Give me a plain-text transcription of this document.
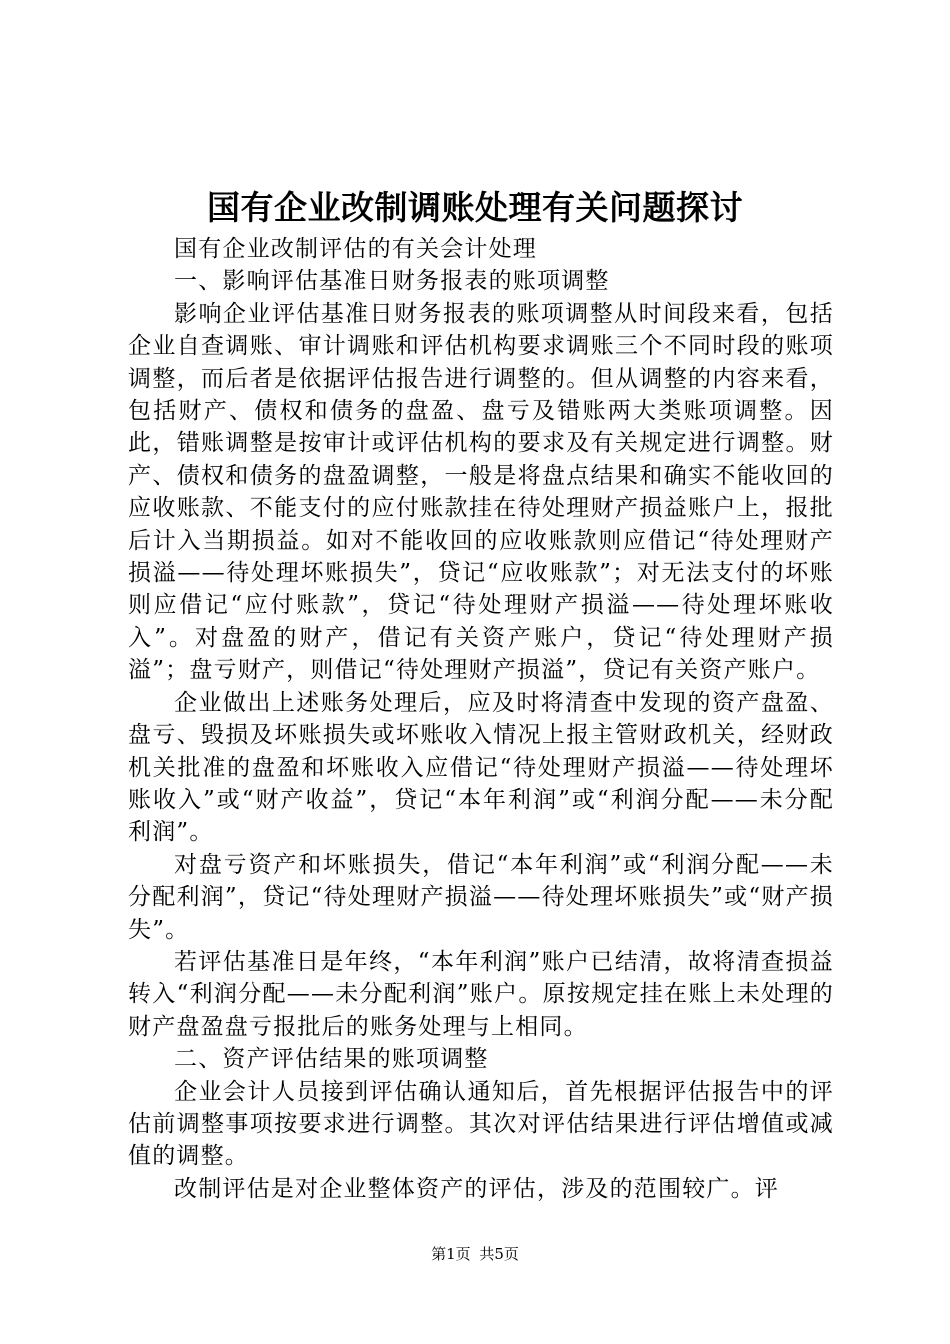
国有企业改制调账处理有关问题探讨

国有企业改制评估的有关会计处理

一、影响评估基准日财务报表的账项调整

影响企业评估基准日财务报表的账项调整从时间段来看，包括企业自查调账、审计调账和评估机构要求调账三个不同时段的账项调整，而后者是依据评估报告进行调整的。但从调整的内容来看，包括财产、债权和债务的盘盈、盘亏及错账两大类账项调整。因此，错账调整是按审计或评估机构的要求及有关规定进行调整。财产、债权和债务的盘盈调整，一般是将盘点结果和确实不能收回的应收账款、不能支付的应付账款挂在待处理财产损益账户上，报批后计入当期损益。如对不能收回的应收账款则应借记“待处理财产损溢——待处理坏账损失”，贷记“应收账款”；对无法支付的坏账则应借记“应付账款”，贷记“待处理财产损溢——待处理坏账收入”。对盘盈的财产，借记有关资产账户，贷记“待处理财产损溢”；盘亏财产，则借记“待处理财产损溢”，贷记有关资产账户。

企业做出上述账务处理后，应及时将清查中发现的资产盘盈、盘亏、毁损及坏账损失或坏账收入情况上报主管财政机关，经财政机关批准的盘盈和坏账收入应借记“待处理财产损溢——待处理坏账收入”或“财产收益”，贷记“本年利润”或“利润分配——未分配利润”。

对盘亏资产和坏账损失，借记“本年利润”或“利润分配——未分配利润”，贷记“待处理财产损溢——待处理坏账损失”或“财产损失”。

若评估基准日是年终，“本年利润”账户已结清，故将清查损益转入“利润分配——未分配利润”账户。原按规定挂在账上未处理的财产盘盈盘亏报批后的账务处理与上相同。

二、资产评估结果的账项调整

企业会计人员接到评估确认通知后，首先根据评估报告中的评估前调整事项按要求进行调整。其次对评估结果进行评估增值或减值的调整。

改制评估是对企业整体资产的评估，涉及的范围较广。评

第1页 共5页
